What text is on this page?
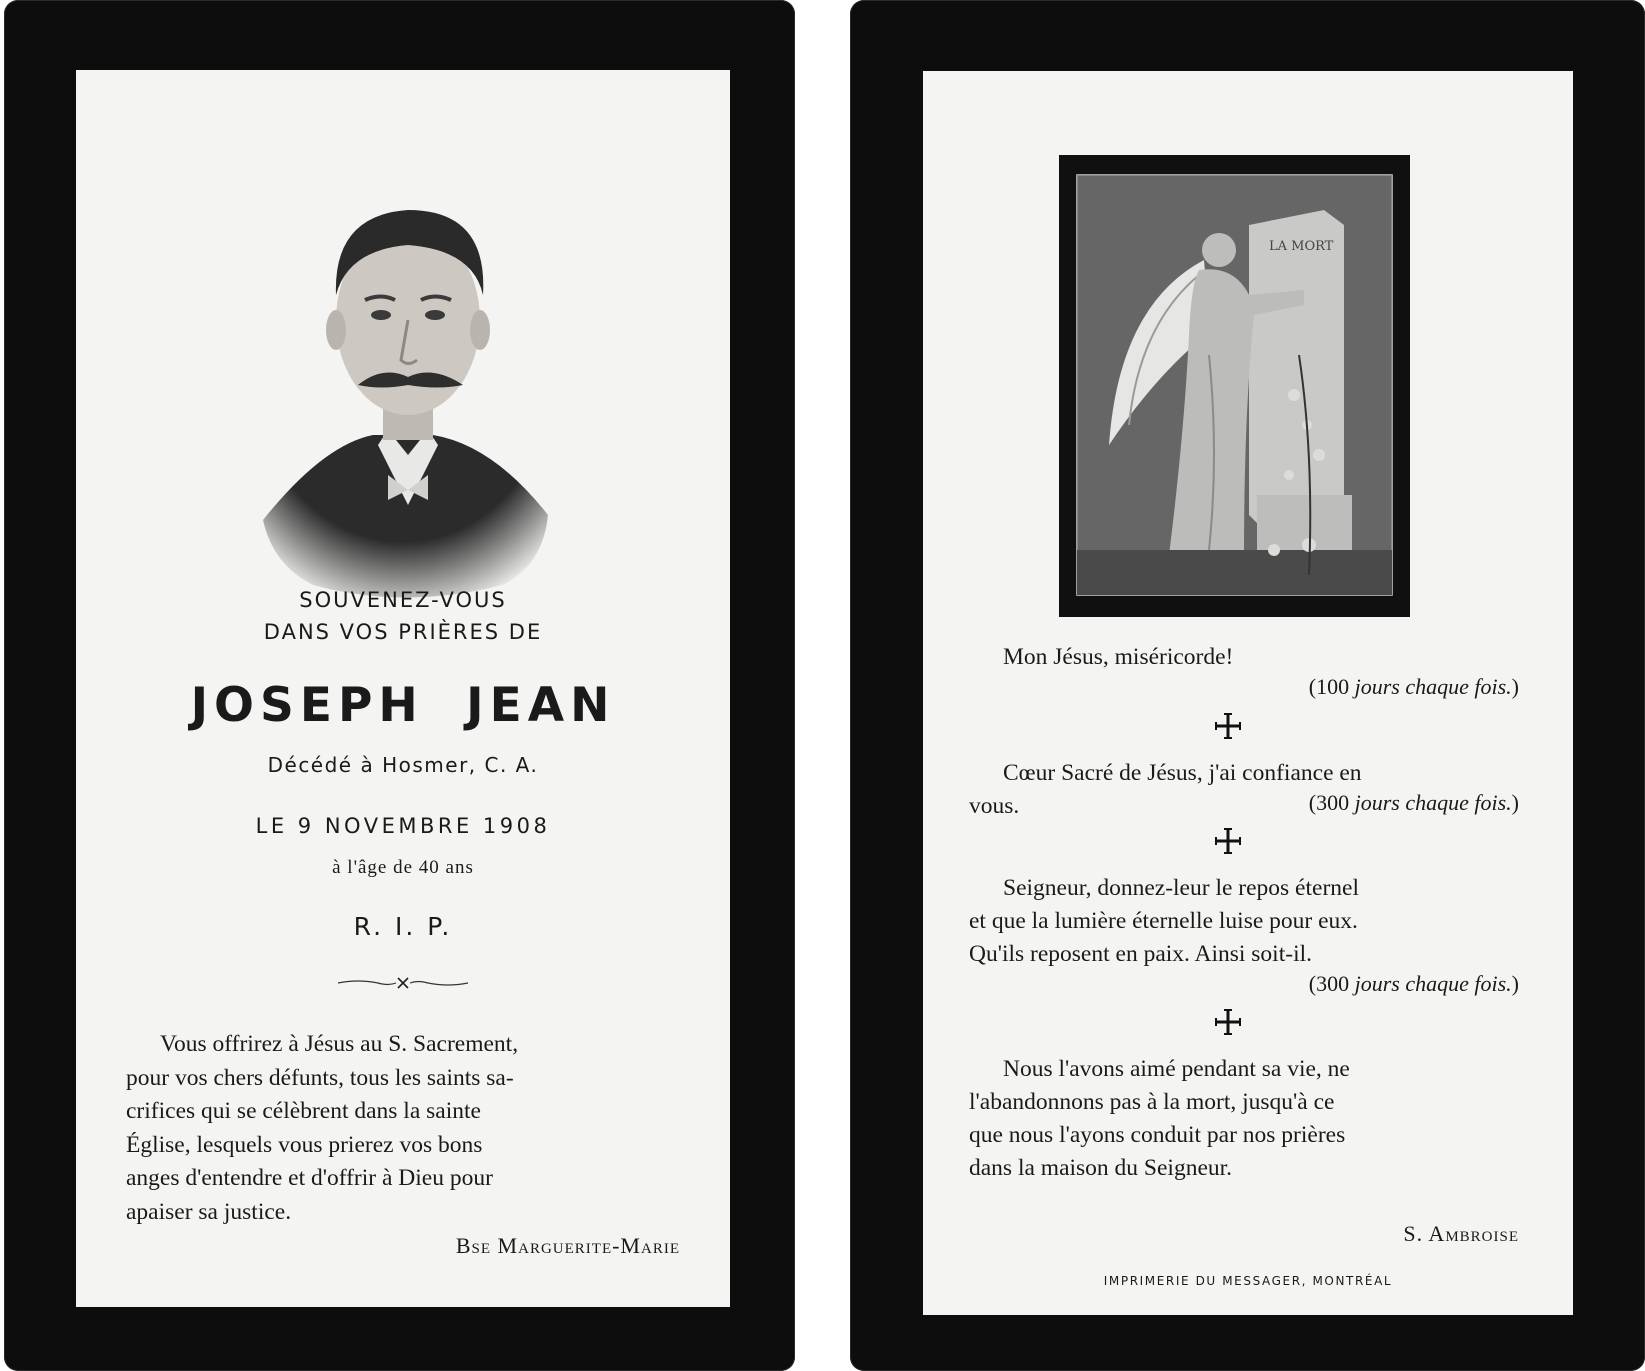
SOUVENEZ-VOUS
DANS VOS PRIÈRES DE
JOSEPH JEAN
Décédé à Hosmer, C. A.
LE 9 NOVEMBRE 1908
à l'âge de 40 ans
R. I. P.
Vous offrirez à Jésus au S. Sacrement,
pour vos chers défunts, tous les saints sa-
crifices qui se célèbrent dans la sainte
Église, lesquels vous prierez vos bons
anges d'entendre et d'offrir à Dieu pour
apaiser sa justice.
Bse Marguerite-Marie
LA MORT
Mon Jésus, miséricorde!
(100 jours chaque fois.)
Cœur Sacré de Jésus, j'ai confiance en
vous.	(300 jours chaque fois.)
Seigneur, donnez-leur le repos éternel
et que la lumière éternelle luise pour eux.
Qu'ils reposent en paix. Ainsi soit-il.
(300 jours chaque fois.)
Nous l'avons aimé pendant sa vie, ne
l'abandonnons pas à la mort, jusqu'à ce
que nous l'ayons conduit par nos prières
dans la maison du Seigneur.
S. Ambroise
IMPRIMERIE DU MESSAGER, MONTRÉAL
